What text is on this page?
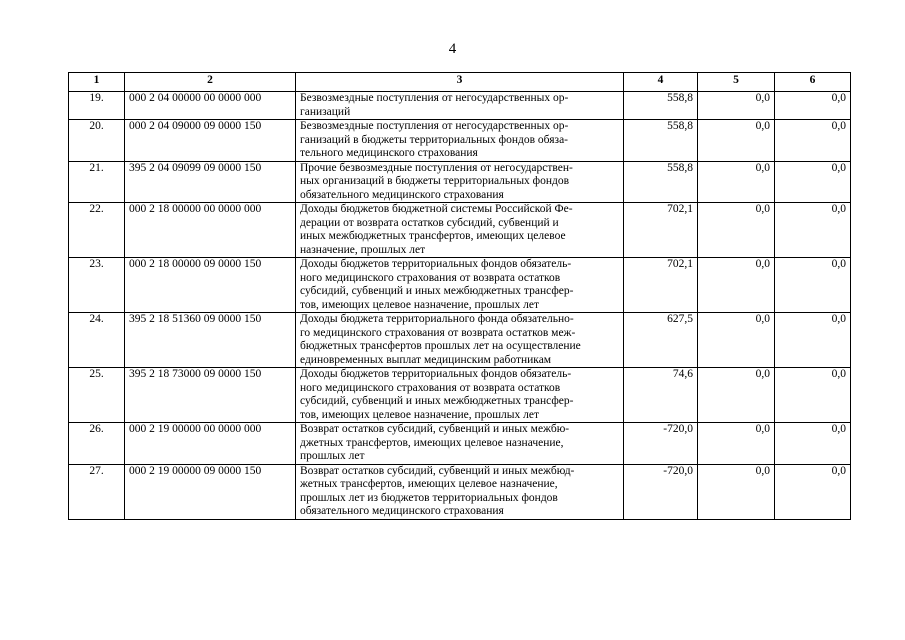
4
1	2	3	4	5	6
19.	000 2 04 00000 00 0000 000	Безвозмездные поступления от негосударственных ор-
ганизаций	558,8	0,0	0,0
20.	000 2 04 09000 09 0000 150	Безвозмездные поступления от негосударственных ор-
ганизаций в бюджеты территориальных фондов обяза-
тельного медицинского страхования	558,8	0,0	0,0
21.	395 2 04 09099 09 0000 150	Прочие безвозмездные поступления от негосударствен-
ных организаций в бюджеты территориальных фондов
обязательного медицинского страхования	558,8	0,0	0,0
22.	000 2 18 00000 00 0000 000	Доходы бюджетов бюджетной системы Российской Фе-
дерации от возврата остатков субсидий, субвенций и
иных межбюджетных трансфертов, имеющих целевое
назначение, прошлых лет	702,1	0,0	0,0
23.	000 2 18 00000 09 0000 150	Доходы бюджетов территориальных фондов обязатель-
ного медицинского страхования от возврата остатков
субсидий, субвенций и иных межбюджетных трансфер-
тов, имеющих целевое назначение, прошлых лет	702,1	0,0	0,0
24.	395 2 18 51360 09 0000 150	Доходы бюджета территориального фонда обязательно-
го медицинского страхования от возврата остатков меж-
бюджетных трансфертов прошлых лет на осуществление
единовременных выплат медицинским работникам	627,5	0,0	0,0
25.	395 2 18 73000 09 0000 150	Доходы бюджетов территориальных фондов обязатель-
ного медицинского страхования от возврата остатков
субсидий, субвенций и иных межбюджетных трансфер-
тов, имеющих целевое назначение, прошлых лет	74,6	0,0	0,0
26.	000 2 19 00000 00 0000 000	Возврат остатков субсидий, субвенций и иных межбю-
джетных трансфертов, имеющих целевое назначение,
прошлых лет	-720,0	0,0	0,0
27.	000 2 19 00000 09 0000 150	Возврат остатков субсидий, субвенций и иных межбюд-
жетных трансфертов, имеющих целевое назначение,
прошлых лет из бюджетов территориальных фондов
обязательного медицинского страхования	-720,0	0,0	0,0
